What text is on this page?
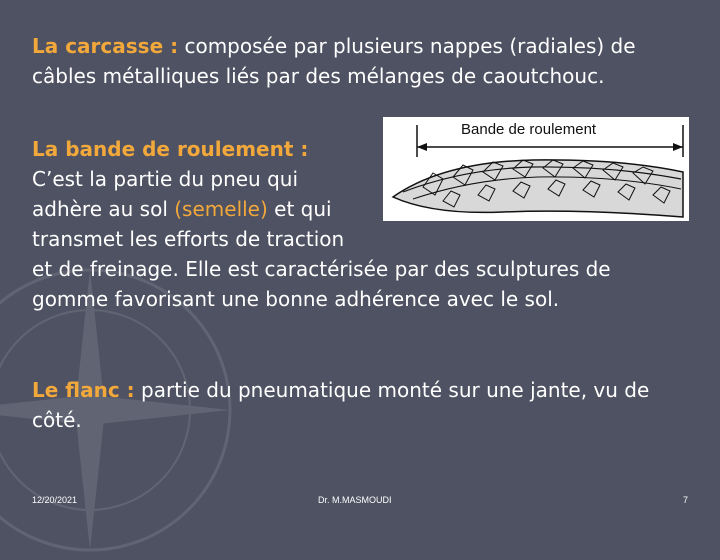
La carcasse : composée par plusieurs nappes (radiales) de
câbles métalliques liés par des mélanges de caoutchouc.
La bande de roulement :
C’est la partie du pneu qui
adhère au sol (semelle) et qui
transmet les efforts de traction
et de freinage. Elle est caractérisée par des sculptures de
gomme favorisant une bonne adhérence avec le sol.
Bande de roulement
Le flanc : partie du pneumatique monté sur une jante, vu de
côté.
12/20/2021	Dr. M.MASMOUDI	7
